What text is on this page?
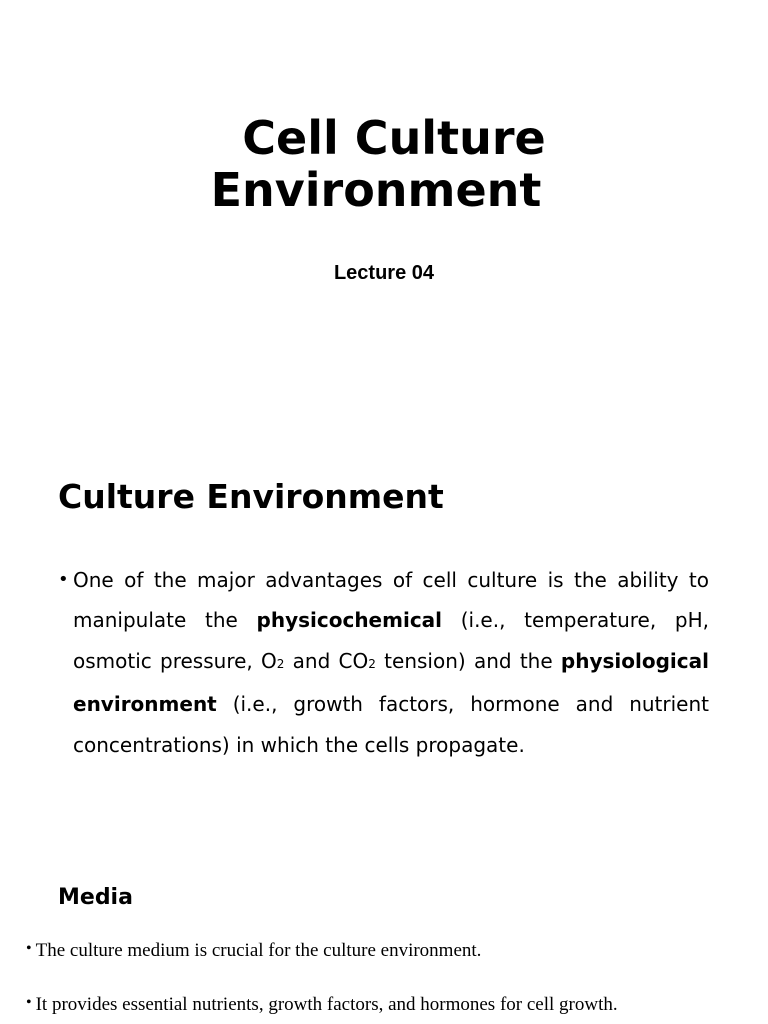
Cell Culture
Environment
Lecture 04
Culture Environment
• One of the major advantages of cell culture is the ability to manipulate the physicochemical (i.e., temperature, pH, osmotic pressure, O2 and CO2 tension) and the physiological environment (i.e., growth factors, hormone and nutrient concentrations) in which the cells propagate.

Media
• The culture medium is crucial for the culture environment.
• It provides essential nutrients, growth factors, and hormones for cell growth.
